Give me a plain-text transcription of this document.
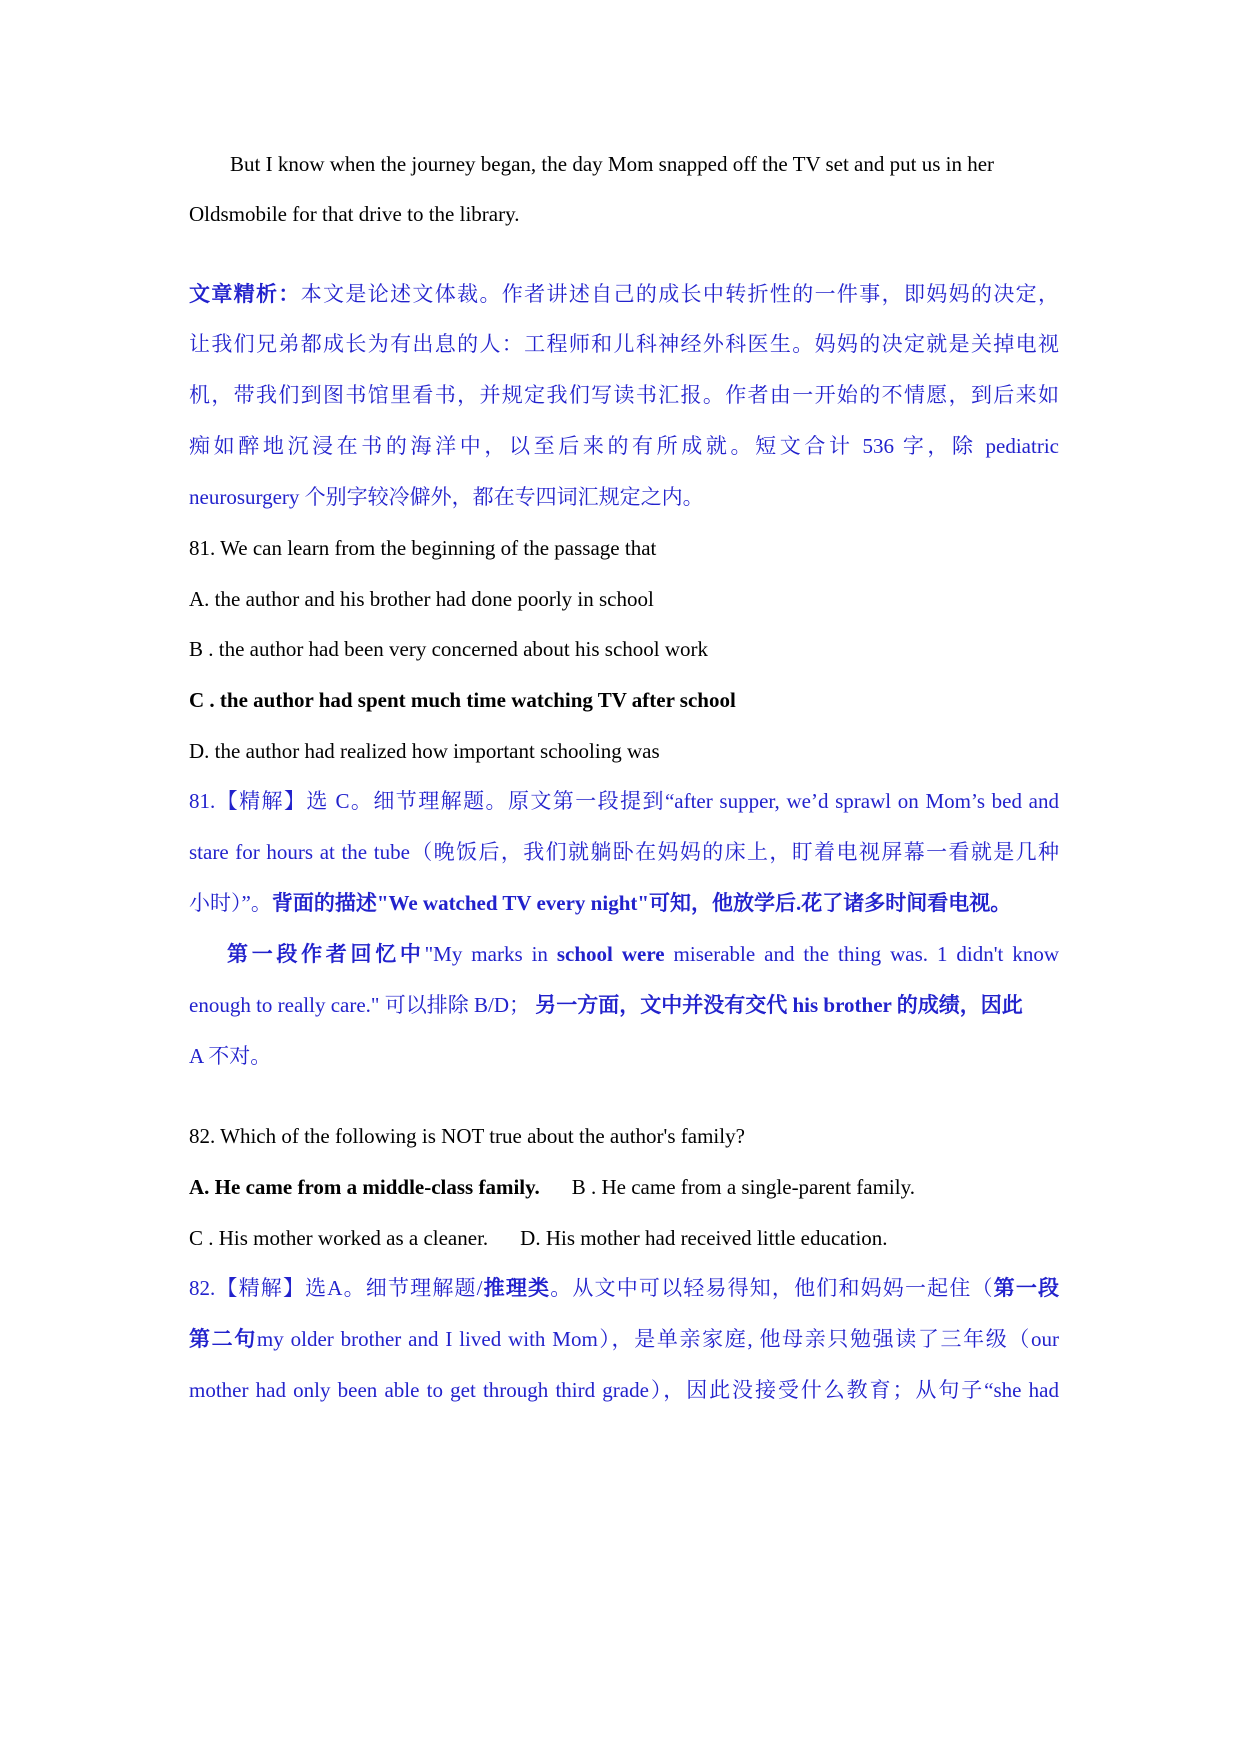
But I know when the journey began, the day Mom snapped off the TV set and put us in her
Oldsmobile for that drive to the library.
文章精析：本文是论述文体裁。作者讲述自己的成长中转折性的一件事，即妈妈的决定，
让我们兄弟都成长为有出息的人：工程师和儿科神经外科医生。妈妈的决定就是关掉电视
机，带我们到图书馆里看书，并规定我们写读书汇报。作者由一开始的不情愿，到后来如
痴如醉地沉浸在书的海洋中，以至后来的有所成就。短文合计 536 字，除 pediatric
neurosurgery 个别字较冷僻外，都在专四词汇规定之内。
81. We can learn from the beginning of the passage that
A. the author and his brother had done poorly in school
B . the author had been very concerned about his school work
C . the author had spent much time watching TV after school
D. the author had realized how important schooling was
81.【精解】选 C。细节理解题。原文第一段提到“after supper, we’d sprawl on Mom’s bed and
stare for hours at the tube（晚饭后，我们就躺卧在妈妈的床上，盯着电视屏幕一看就是几种
小时）”。背面的描述"We watched TV every night"可知，他放学后.花了诸多时间看电视。
第一段作者回忆中"My marks in school were miserable and the thing was. 1 didn't know
enough to really care." 可以排除 B/D； 另一方面，文中并没有交代 his brother 的成绩，因此
A 不对。
82. Which of the following is NOT true about the author's family?
A. He came from a middle-class family. B . He came from a single-parent family.
C . His mother worked as a cleaner. D. His mother had received little education.
82.【精解】选A。细节理解题/推理类。从文中可以轻易得知，他们和妈妈一起住（第一段
第二句my older brother and I lived with Mom），是单亲家庭, 他母亲只勉强读了三年级（our
mother had only been able to get through third grade），因此没接受什么教育；从句子“she had
